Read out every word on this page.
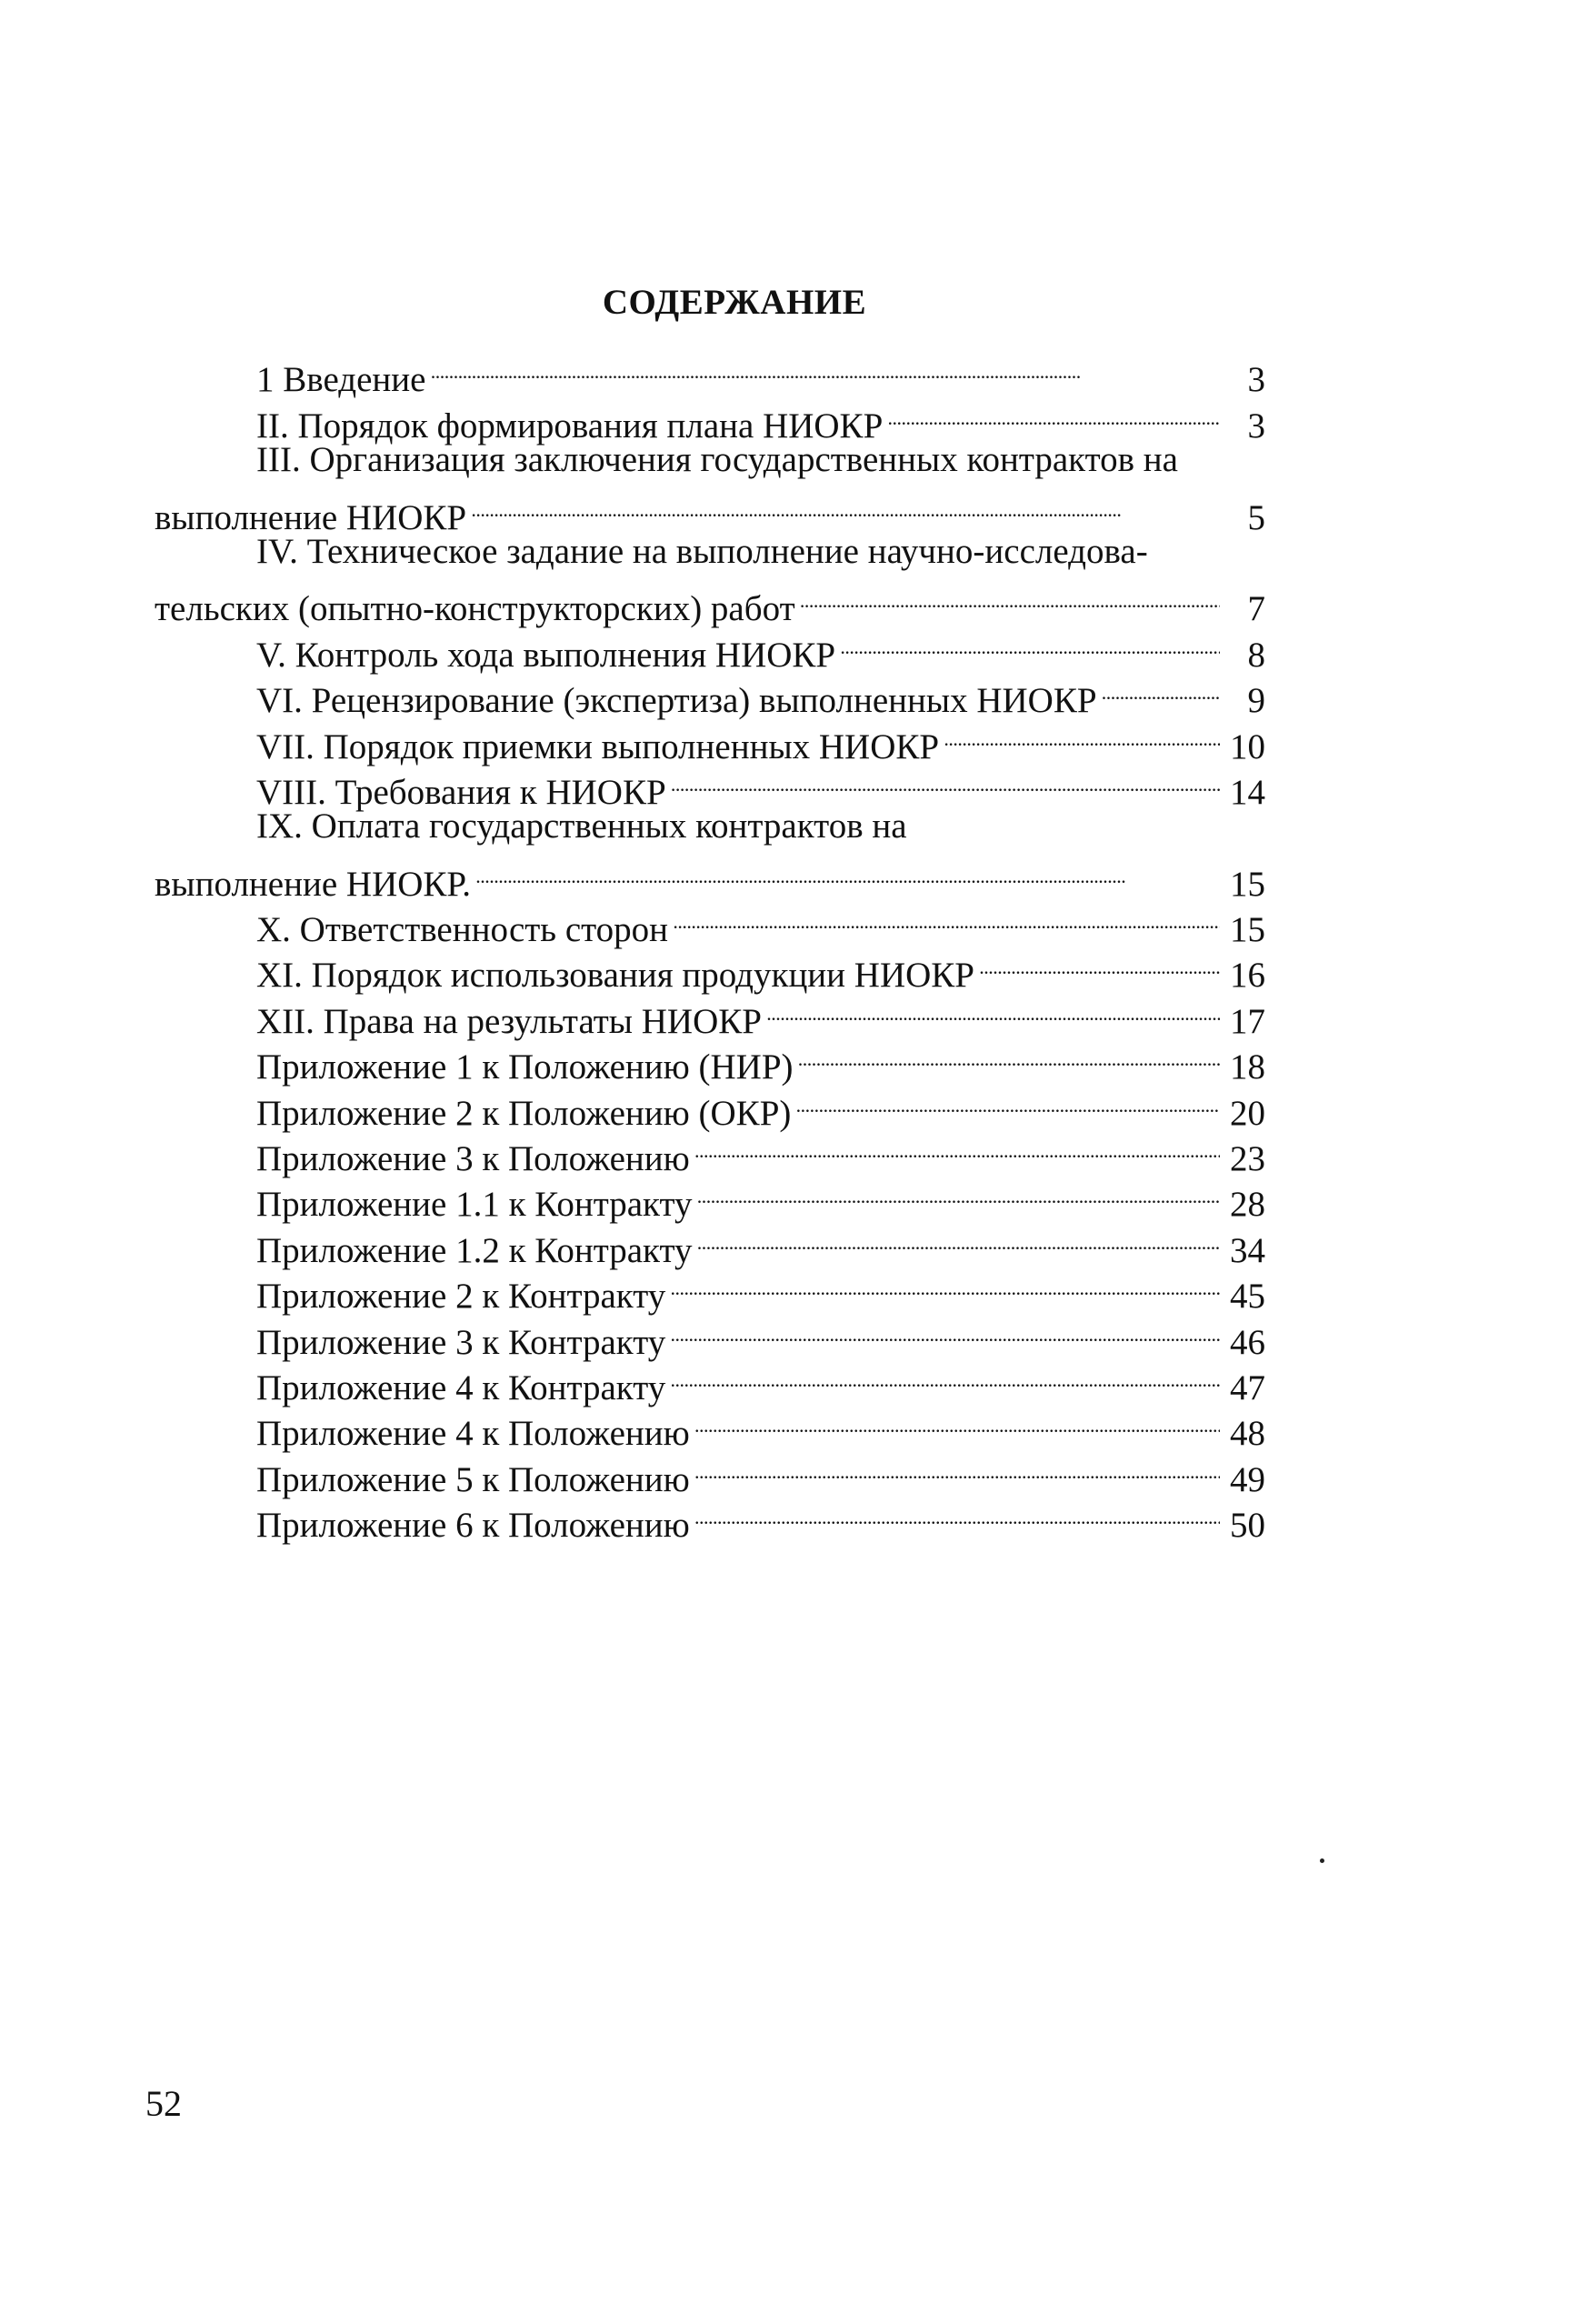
СОДЕРЖАНИЕ
1 Введение . . .	3
II. Порядок формирования плана НИОКР . . .	3
III. Организация заключения государственных контрактов на
выполнение НИОКР . . .	5
IV. Техническое задание на выполнение научно-исследова-
тельских (опытно-конструкторских) работ . . .	7
V. Контроль хода выполнения НИОКР . . .	8
VI. Рецензирование (экспертиза) выполненных НИОКР . . .	9
VII. Порядок приемки выполненных НИОКР . . .	10
VIII. Требования к НИОКР . . .	14
IX. Оплата государственных контрактов на
выполнение НИОКР. . . .	15
X. Ответственность сторон . . .	15
XI. Порядок использования продукции НИОКР . . .	16
XII. Права на результаты НИОКР . . .	17
Приложение 1 к Положению (НИР) . . .	18
Приложение 2 к Положению (ОКР) . . .	20
Приложение 3 к Положению . . .	23
Приложение 1.1 к Контракту . . .	28
Приложение 1.2 к Контракту . . .	34
Приложение 2 к Контракту . . .	45
Приложение 3 к Контракту . . .	46
Приложение 4 к Контракту . . .	47
Приложение 4 к Положению . . .	48
Приложение 5 к Положению . . .	49
Приложение 6 к Положению . . .	50
52
